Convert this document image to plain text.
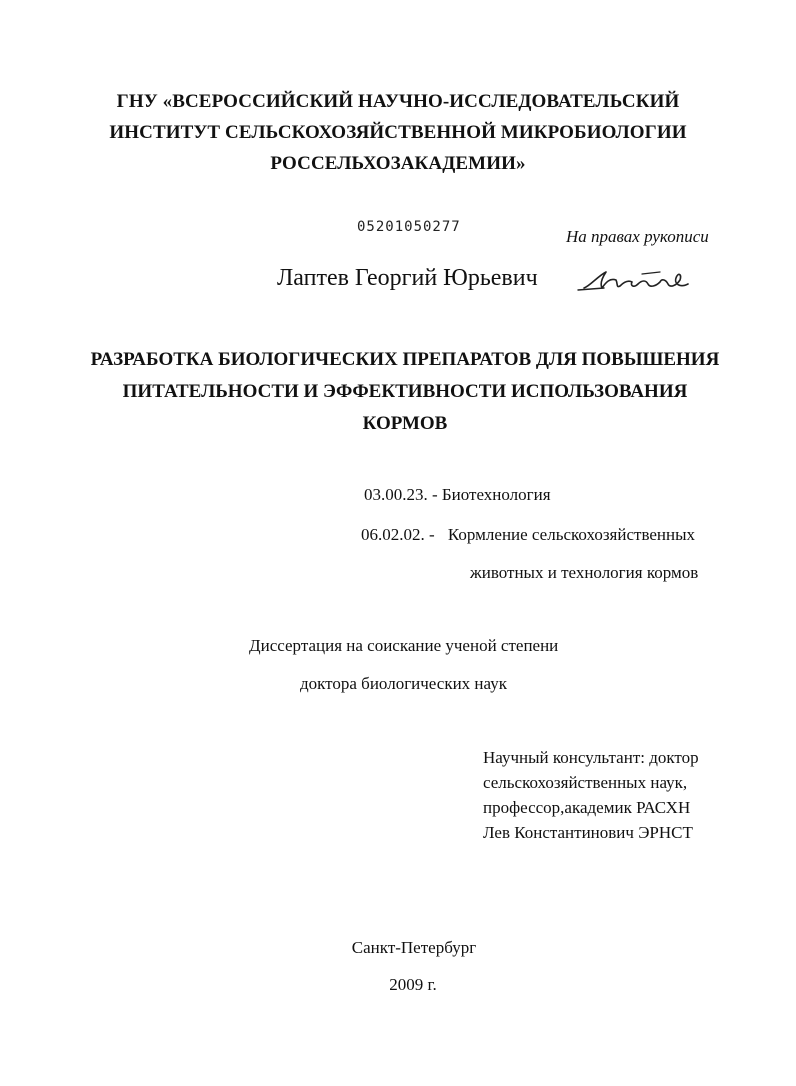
ГНУ «ВСЕРОССИЙСКИЙ НАУЧНО-ИССЛЕДОВАТЕЛЬСКИЙ
ИНСТИТУТ СЕЛЬСКОХОЗЯЙСТВЕННОЙ МИКРОБИОЛОГИИ
РОССЕЛЬХОЗАКАДЕМИИ»
05201050277	На правах рукописи
Лаптев Георгий Юрьевич
РАЗРАБОТКА БИОЛОГИЧЕСКИХ ПРЕПАРАТОВ ДЛЯ ПОВЫШЕНИЯ
ПИТАТЕЛЬНОСТИ И ЭФФЕКТИВНОСТИ ИСПОЛЬЗОВАНИЯ
КОРМОВ
03.00.23. - Биотехнология
06.02.02. - Кормление сельскохозяйственных
животных и технология кормов
Диссертация на соискание ученой степени
доктора биологических наук
Научный консультант: доктор
сельскохозяйственных наук,
профессор,академик РАСХН
Лев Константинович ЭРНСТ
Санкт-Петербург
2009 г.
